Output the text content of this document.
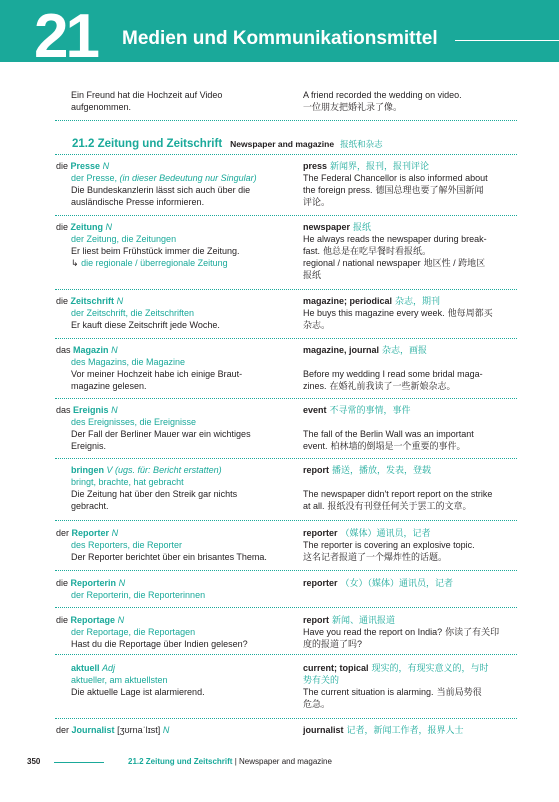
21 Medien und Kommunikationsmittel
Ein Freund hat die Hochzeit auf Video
aufgenommen.
A friend recorded the wedding on video.
一位朋友把婚礼录了像。
21.2 Zeitung und Zeitschrift Newspaper and magazine 报纸和杂志
die Presse N
der Presse, (in dieser Bedeutung nur Singular)
Die Bundeskanzlerin lässt sich auch über die
ausländische Presse informieren.
press 新闻界，报刊，报刊评论
The Federal Chancellor is also informed about
the foreign press. 德国总理也要了解外国新闻
评论。
die Zeitung N
der Zeitung, die Zeitungen
Er liest beim Frühstück immer die Zeitung.
↳ die regionale / überregionale Zeitung
newspaper 报纸
He always reads the newspaper during break-
fast. 他总是在吃早餐时看报纸。
regional / national newspaper 地区性 / 跨地区
报纸
die Zeitschrift N
der Zeitschrift, die Zeitschriften
Er kauft diese Zeitschrift jede Woche.
magazine; periodical 杂志，期刊
He buys this magazine every week. 他每周都买
杂志。
das Magazin N
des Magazins, die Magazine
Vor meiner Hochzeit habe ich einige Braut-
magazine gelesen.
magazine, journal 杂志，画报

Before my wedding I read some bridal maga-
zines. 在婚礼前我读了一些新娘杂志。
das Ereignis N
des Ereignisses, die Ereignisse
Der Fall der Berliner Mauer war ein wichtiges
Ereignis.
event 不寻常的事情，事件

The fall of the Berlin Wall was an important
event. 柏林墙的倒塌是一个重要的事件。
bringen V (ugs. für: Bericht erstatten)
bringt, brachte, hat gebracht
Die Zeitung hat über den Streik gar nichts
gebracht.
report 播送，播放，发表，登载

The newspaper didn't report report on the strike
at all. 报纸没有刊登任何关于罢工的文章。
der Reporter N
des Reporters, die Reporter
Der Reporter berichtet über ein brisantes Thema.
reporter （媒体）通讯员，记者
The reporter is covering an explosive topic.
这名记者报道了一个爆炸性的话题。
die Reporterin N
der Reporterin, die Reporterinnen
reporter （女）（媒体）通讯员，记者
die Reportage N
der Reportage, die Reportagen
Hast du die Reportage über Indien gelesen?
report 新闻、通讯报道
Have you read the report on India? 你读了有关印
度的报道了吗?
aktuell Adj
aktueller, am aktuellsten
Die aktuelle Lage ist alarmierend.
current; topical 现实的，有现实意义的，与时
势有关的
The current situation is alarming. 当前局势很
危急。
der Journalist [ʒʊrnaˈlɪst] N	journalist 记者，新闻工作者，报界人士
350	21.2 Zeitung und Zeitschrift | Newspaper and magazine
